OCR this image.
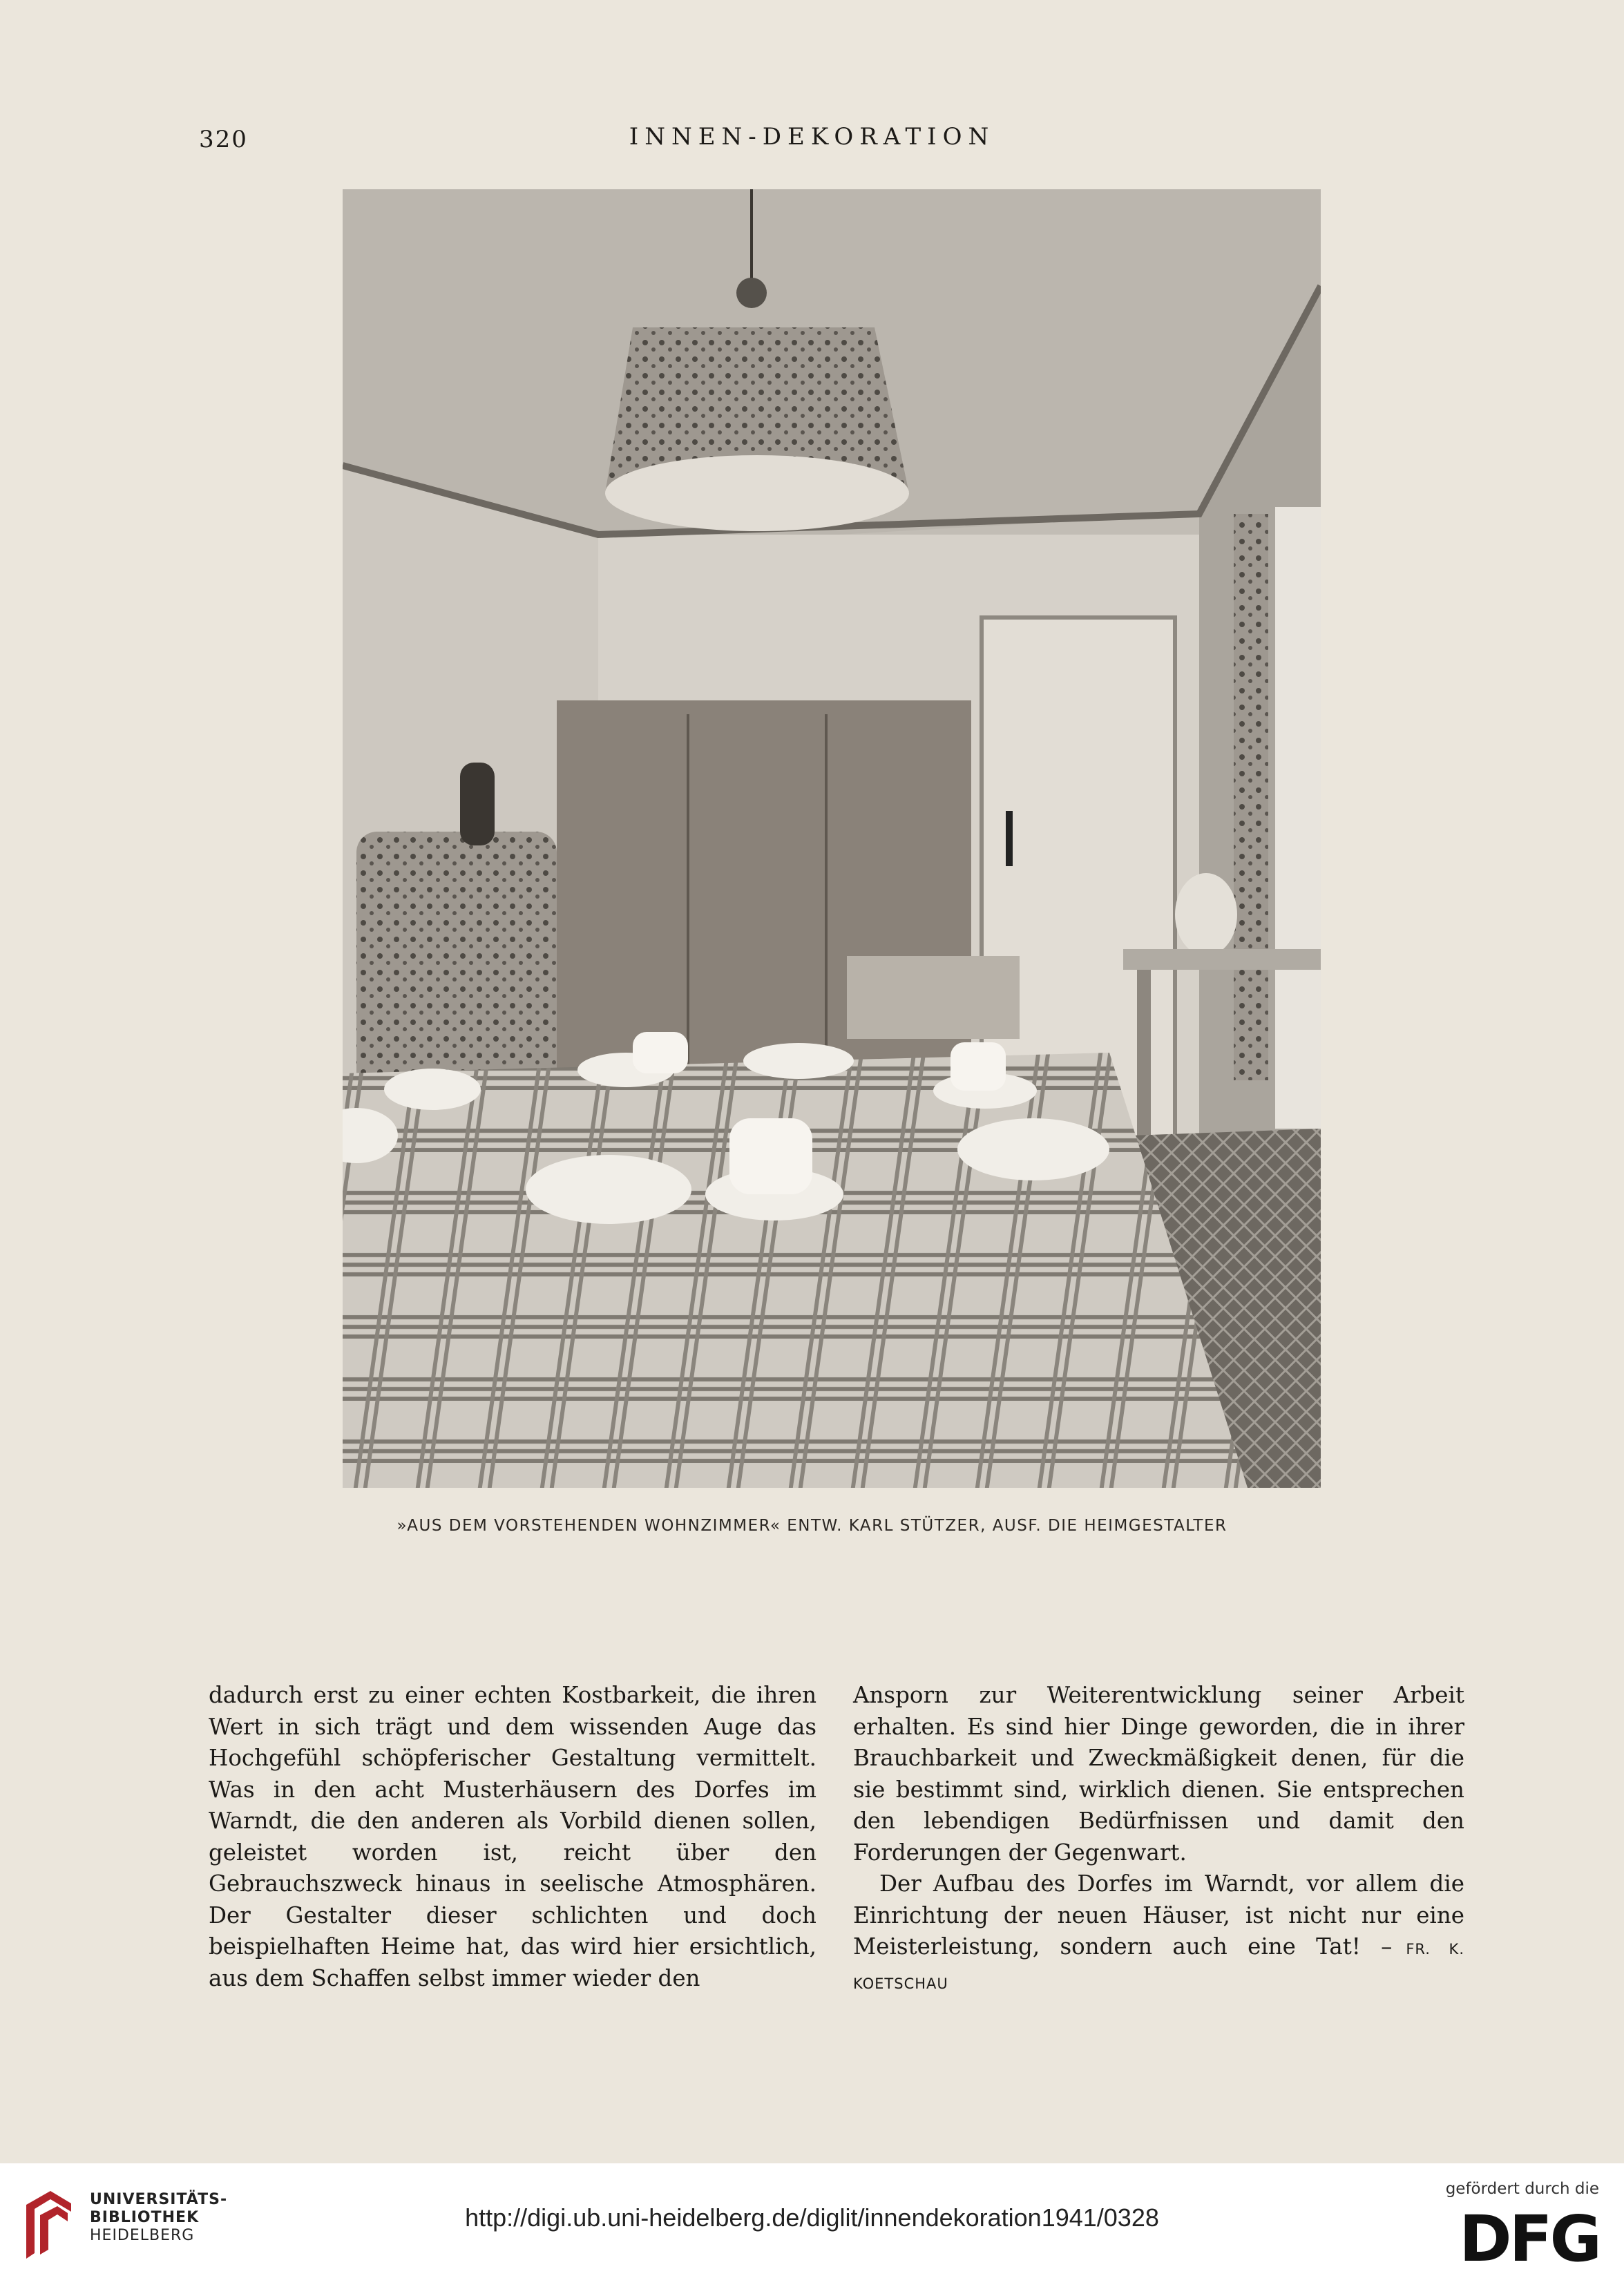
320	INNEN-DEKORATION
»AUS DEM VORSTEHENDEN WOHNZIMMER« ENTW. KARL STÜTZER, AUSF. DIE HEIMGESTALTER

dadurch erst zu einer echten Kostbarkeit, die ihren Wert in sich trägt und dem wissenden Auge das Hochgefühl schöpferischer Gestaltung vermittelt. Was in den acht Musterhäusern des Dorfes im Warndt, die den anderen als Vorbild dienen sollen, geleistet worden ist, reicht über den Gebrauchszweck hinaus in seelische Atmosphären. Der Gestalter dieser schlichten und doch beispielhaften Heime hat, das wird hier ersichtlich, aus dem Schaffen selbst immer wieder den

Ansporn zur Weiterentwicklung seiner Arbeit erhalten. Es sind hier Dinge geworden, die in ihrer Brauchbarkeit und Zweckmäßigkeit denen, für die sie bestimmt sind, wirklich dienen. Sie entsprechen den lebendigen Bedürfnissen und damit den Forderungen der Gegenwart.

Der Aufbau des Dorfes im Warndt, vor allem die Einrichtung der neuen Häuser, ist nicht nur eine Meisterleistung, sondern auch eine Tat! – FR. K. KOETSCHAU

UNIVERSITÄTS-
BIBLIOTHEK
HEIDELBERG
http://digi.ub.uni-heidelberg.de/diglit/innendekoration1941/0328
gefördert durch die
DFG
